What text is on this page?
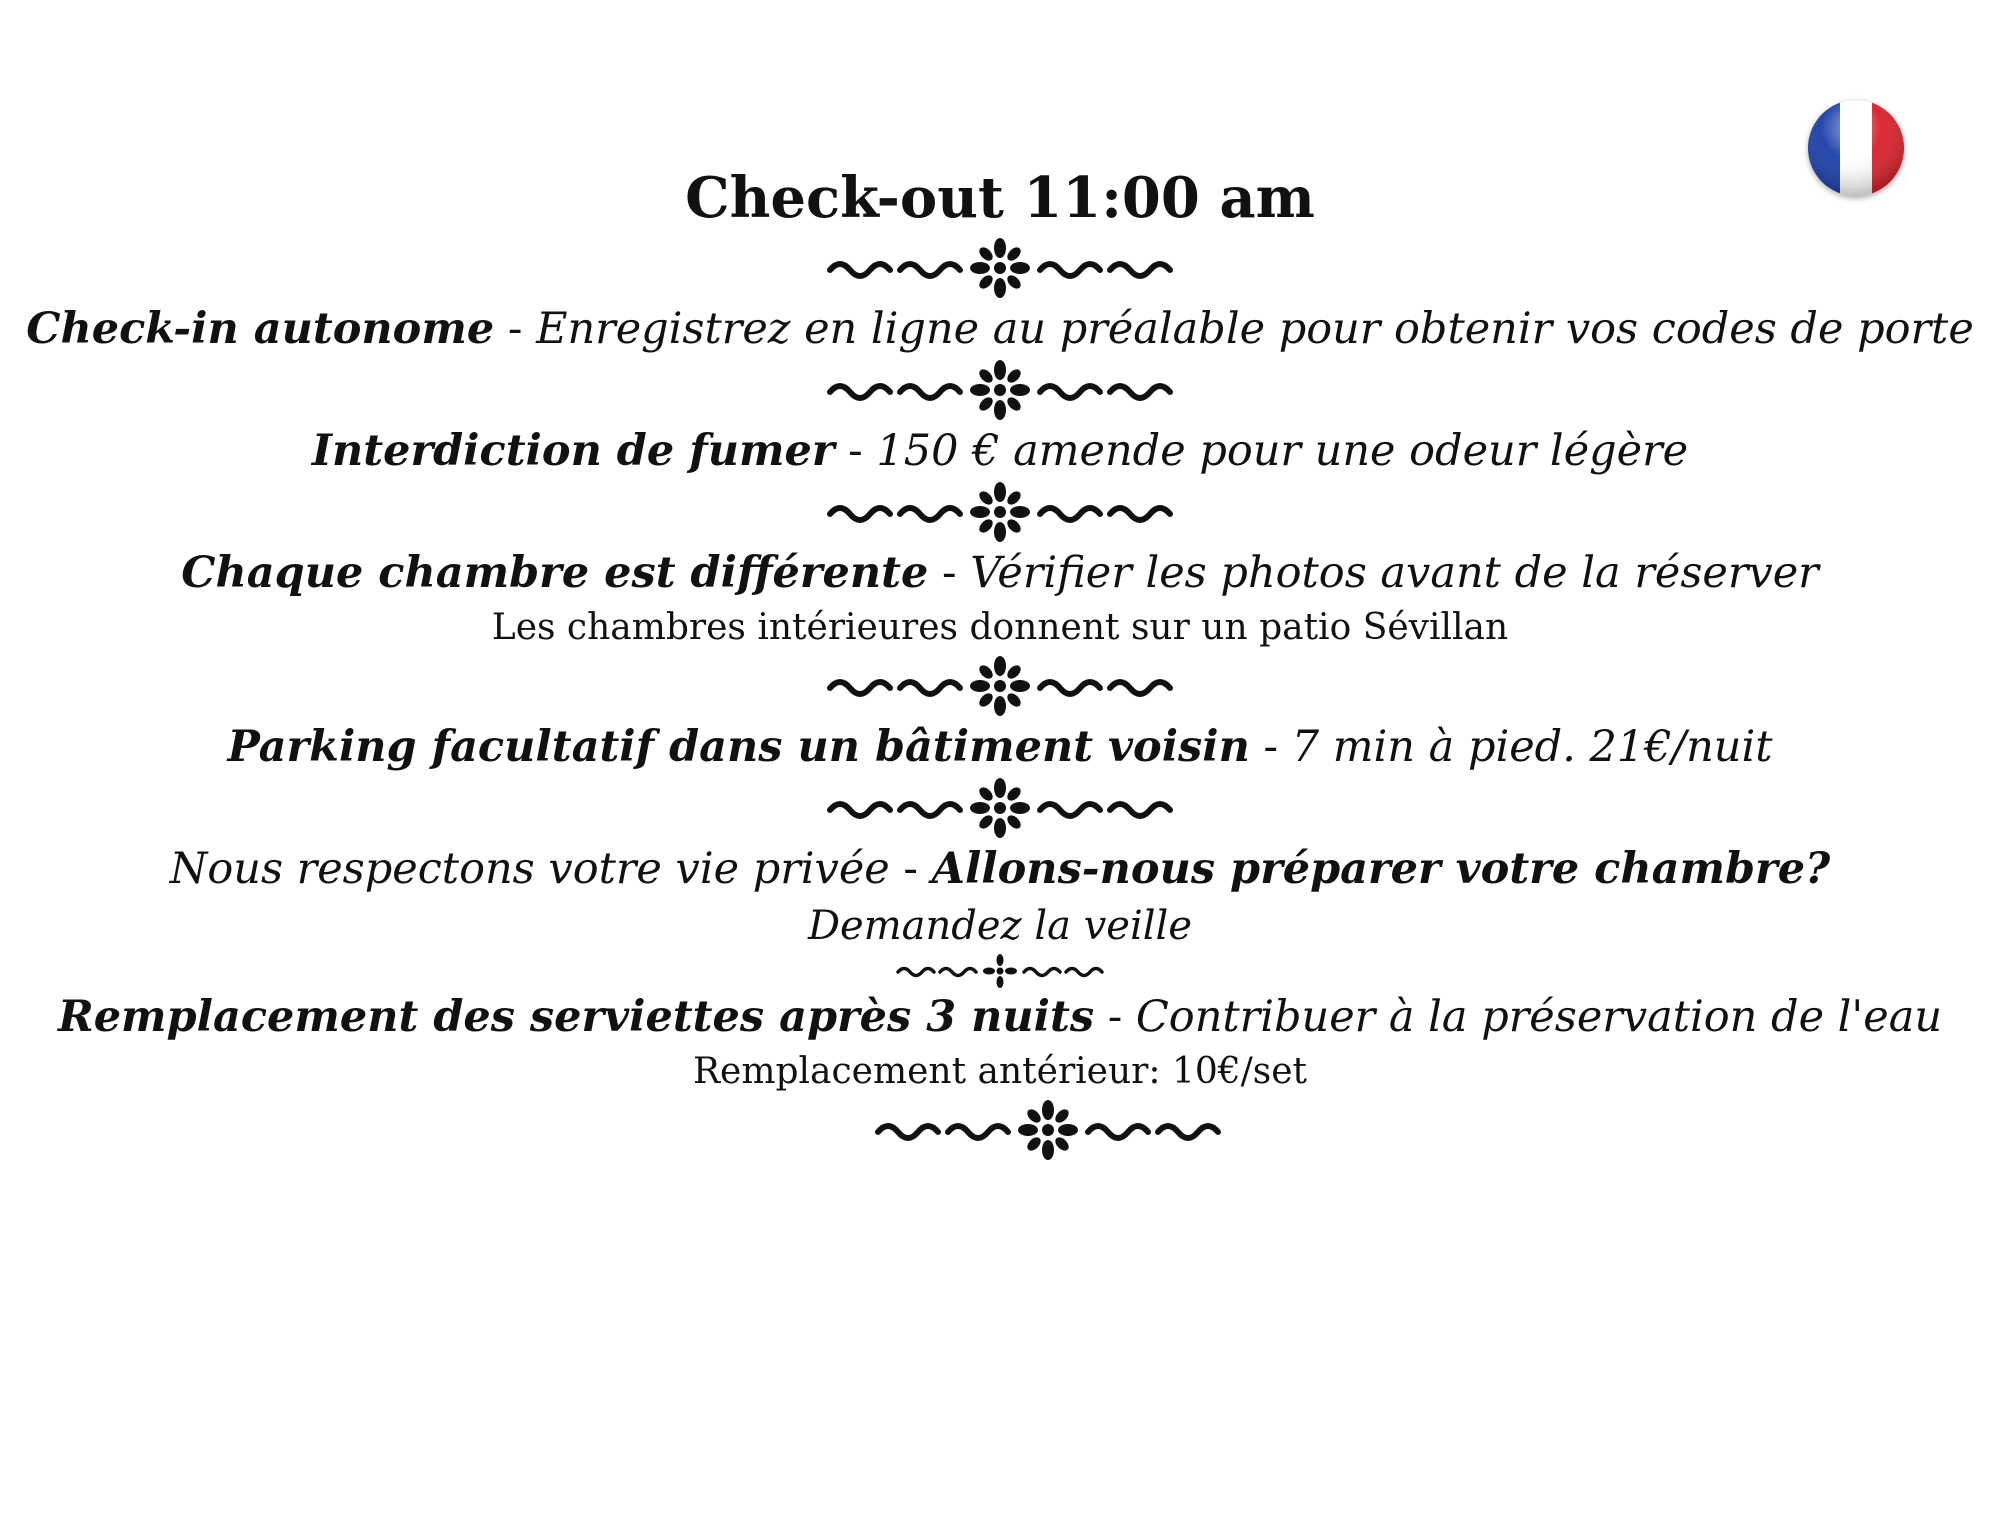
Check-out 11:00 am

Check-in autonome - Enregistrez en ligne au préalable pour obtenir vos codes de porte

Interdiction de fumer - 150 € amende pour une odeur légère

Chaque chambre est différente - Vérifier les photos avant de la réserver

Les chambres intérieures donnent sur un patio Sévillan

Parking facultatif dans un bâtiment voisin - 7 min à pied. 21€/nuit

Nous respectons votre vie privée - Allons-nous préparer votre chambre?

Demandez la veille

Remplacement des serviettes après 3 nuits - Contribuer à la préservation de l'eau

Remplacement antérieur: 10€/set
